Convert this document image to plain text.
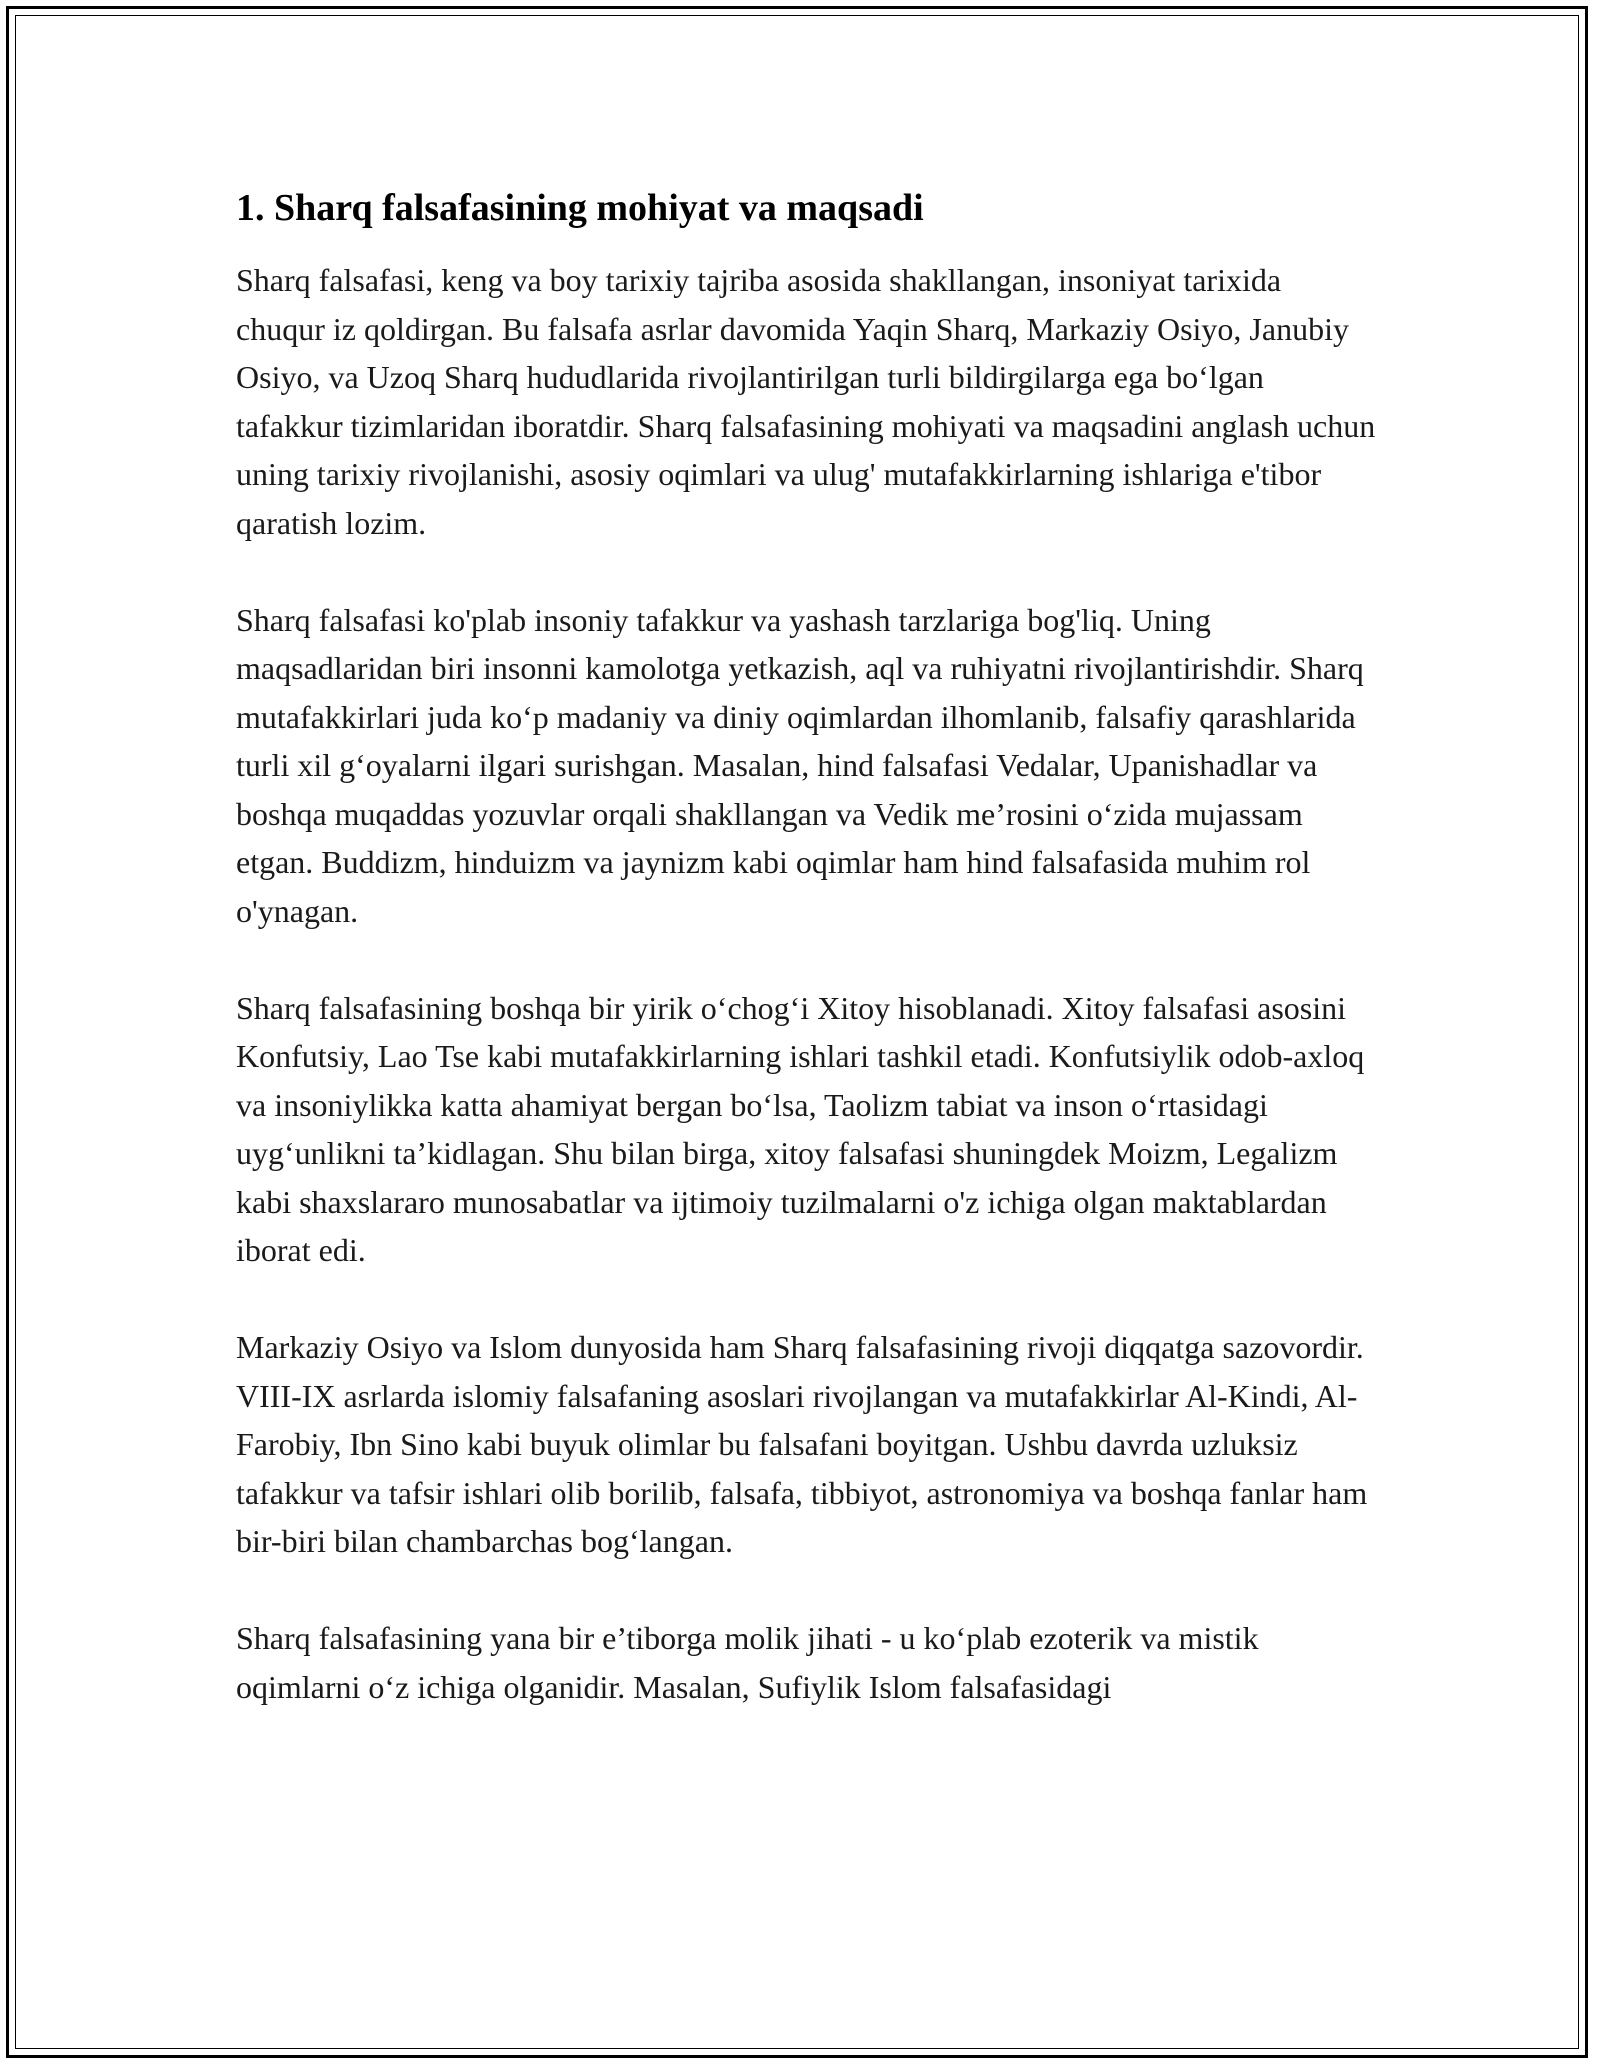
1. Sharq falsafasining mohiyat va maqsadi

Sharq falsafasi, keng va boy tarixiy tajriba asosida shakllangan, insoniyat tarixida chuqur iz qoldirgan. Bu falsafa asrlar davomida Yaqin Sharq, Markaziy Osiyo, Janubiy Osiyo, va Uzoq Sharq hududlarida rivojlantirilgan turli bildirgilarga ega bo‘lgan tafakkur tizimlaridan iboratdir. Sharq falsafasining mohiyati va maqsadini anglash uchun uning tarixiy rivojlanishi, asosiy oqimlari va ulug' mutafakkirlarning ishlariga e'tibor qaratish lozim.

Sharq falsafasi ko'plab insoniy tafakkur va yashash tarzlariga bog'liq. Uning maqsadlaridan biri insonni kamolotga yetkazish, aql va ruhiyatni rivojlantirishdir. Sharq mutafakkirlari juda ko‘p madaniy va diniy oqimlardan ilhomlanib, falsafiy qarashlarida turli xil g‘oyalarni ilgari surishgan. Masalan, hind falsafasi Vedalar, Upanishadlar va boshqa muqaddas yozuvlar orqali shakllangan va Vedik me’rosini o‘zida mujassam etgan. Buddizm, hinduizm va jaynizm kabi oqimlar ham hind falsafasida muhim rol o'ynagan.

Sharq falsafasining boshqa bir yirik o‘chog‘i Xitoy hisoblanadi. Xitoy falsafasi asosini Konfutsiy, Lao Tse kabi mutafakkirlarning ishlari tashkil etadi. Konfutsiylik odob-axloq va insoniylikka katta ahamiyat bergan bo‘lsa, Taolizm tabiat va inson o‘rtasidagi uyg‘unlikni ta’kidlagan. Shu bilan birga, xitoy falsafasi shuningdek Moizm, Legalizm kabi shaxslararo munosabatlar va ijtimoiy tuzilmalarni o'z ichiga olgan maktablardan iborat edi.

Markaziy Osiyo va Islom dunyosida ham Sharq falsafasining rivoji diqqatga sazovordir. VIII-IX asrlarda islomiy falsafaning asoslari rivojlangan va mutafakkirlar Al-Kindi, Al-Farobiy, Ibn Sino kabi buyuk olimlar bu falsafani boyitgan. Ushbu davrda uzluksiz tafakkur va tafsir ishlari olib borilib, falsafa, tibbiyot, astronomiya va boshqa fanlar ham bir-biri bilan chambarchas bog‘langan.

Sharq falsafasining yana bir e’tiborga molik jihati - u ko‘plab ezoterik va mistik oqimlarni o‘z ichiga olganidir. Masalan, Sufiylik Islom falsafasidagi
